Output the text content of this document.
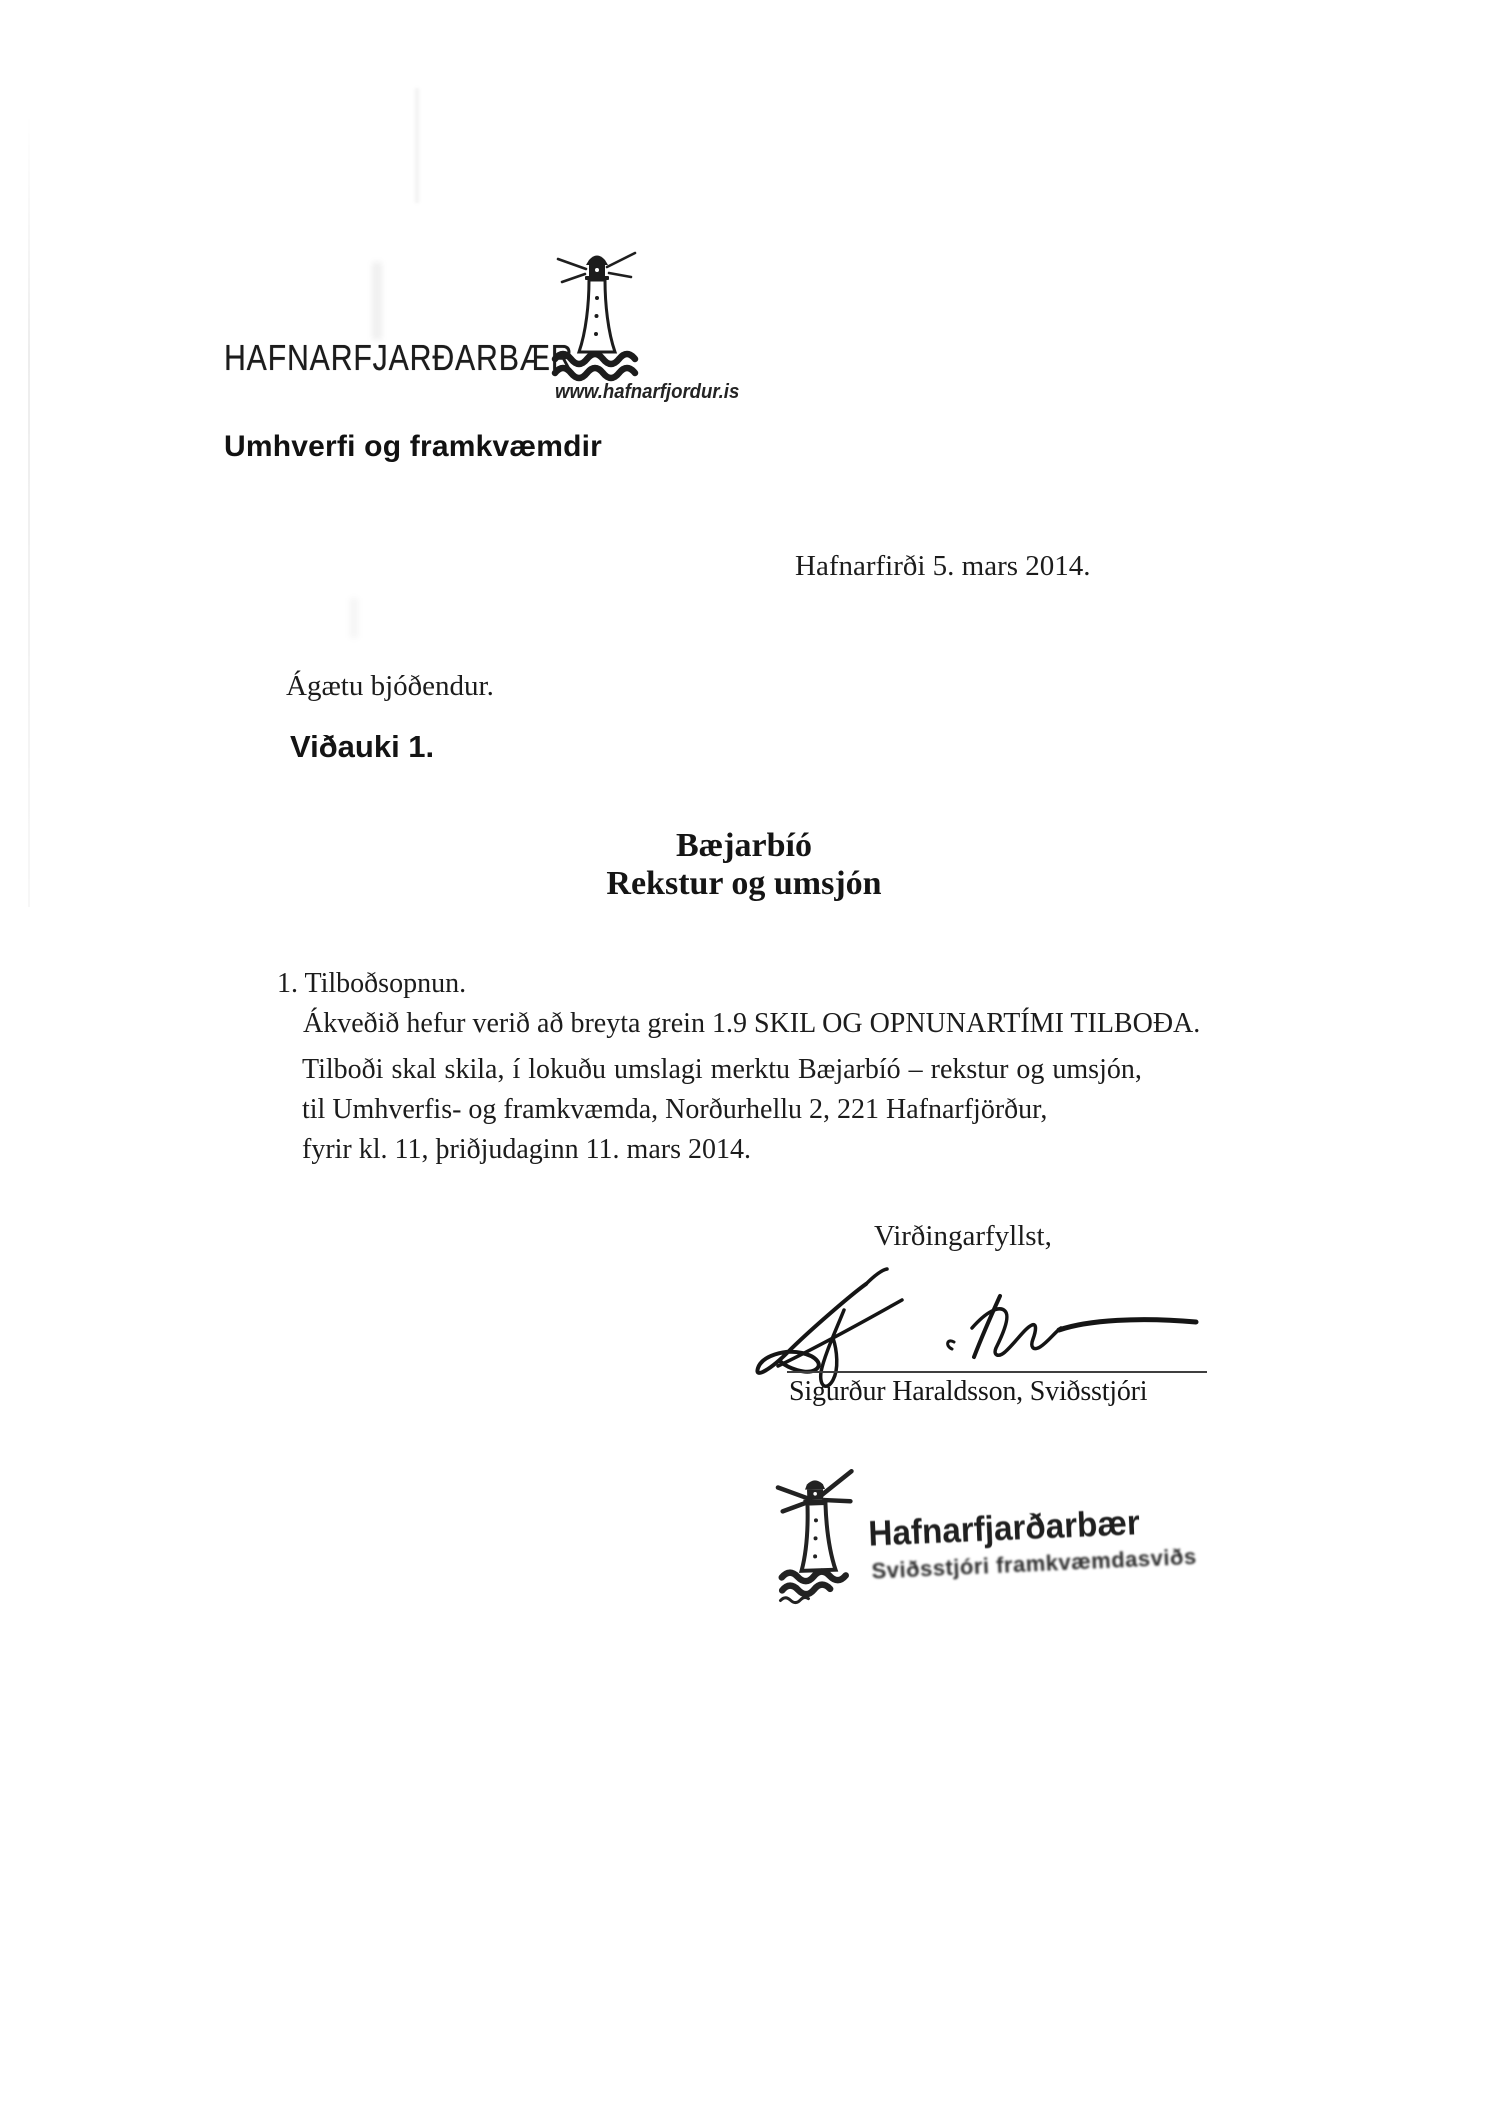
HAFNARFJARÐARBÆR
www.hafnarfjordur.is
Umhverfi og framkvæmdir
Hafnarfirði 5. mars 2014.
Ágætu bjóðendur.
Viðauki 1.
Bæjarbíó
Rekstur og umsjón
1. Tilboðsopnun.
Ákveðið hefur verið að breyta grein 1.9 SKIL OG OPNUNARTÍMI TILBOÐA.
Tilboði skal skila, í lokuðu umslagi merktu Bæjarbíó – rekstur og umsjón,
til Umhverfis- og framkvæmda, Norðurhellu 2, 221 Hafnarfjörður,
fyrir kl. 11, þriðjudaginn 11. mars 2014.
Virðingarfyllst,
Sigurður Haraldsson, Sviðsstjóri
Hafnarfjarðarbær
Sviðsstjóri framkvæmdasviðs
